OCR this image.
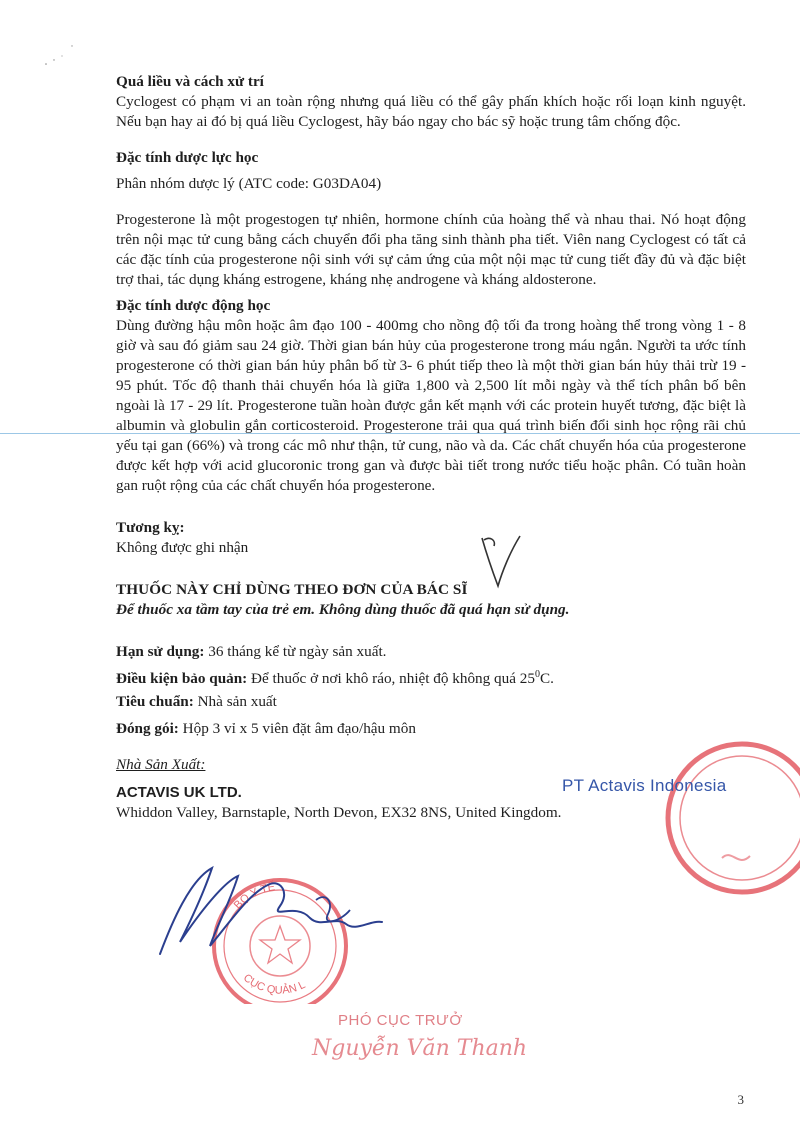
Quá liều và cách xử trí

Cyclogest có phạm vi an toàn rộng nhưng quá liều có thể gây phấn khích hoặc rối loạn kinh nguyệt. Nếu bạn hay ai đó bị quá liều Cyclogest, hãy báo ngay cho bác sỹ hoặc trung tâm chống độc.

Đặc tính dược lực học

Phân nhóm dược lý (ATC code: G03DA04)

Progesterone là một progestogen tự nhiên, hormone chính của hoàng thể và nhau thai. Nó hoạt động trên nội mạc tử cung bằng cách chuyển đổi pha tăng sinh thành pha tiết. Viên nang Cyclogest có tất cả các đặc tính của progesterone nội sinh với sự cảm ứng của một nội mạc tử cung tiết đầy đủ và đặc biệt trợ thai, tác dụng kháng estrogene, kháng nhẹ androgene và kháng aldosterone.

Đặc tính dược động học

Dùng đường hậu môn hoặc âm đạo 100 - 400mg cho nồng độ tối đa trong hoàng thể trong vòng 1 - 8 giờ và sau đó giảm sau 24 giờ. Thời gian bán hủy của progesterone trong máu ngắn. Người ta ước tính progesterone có thời gian bán hủy phân bố từ 3- 6 phút tiếp theo là một thời gian bán hủy thải trừ 19 - 95 phút. Tốc độ thanh thải chuyển hóa là giữa 1,800 và 2,500 lít mỗi ngày và thể tích phân bố bên ngoài là 17 - 29 lít. Progesterone tuần hoàn được gắn kết mạnh với các protein huyết tương, đặc biệt là albumin và globulin gắn corticosteroid. Progesterone trải qua quá trình biến đổi sinh học rộng rãi chủ yếu tại gan (66%) và trong các mô như thận, tử cung, não và da. Các chất chuyển hóa của progesterone được kết hợp với acid glucoronic trong gan và được bài tiết trong nước tiểu hoặc phân. Có tuần hoàn gan ruột rộng của các chất chuyển hóa progesterone.

Tương kỵ:

Không được ghi nhận

THUỐC NÀY CHỈ DÙNG THEO ĐƠN CỦA BÁC SĨ

Để thuốc xa tầm tay của trẻ em. Không dùng thuốc đã quá hạn sử dụng.

Hạn sử dụng: 36 tháng kể từ ngày sản xuất.

Điều kiện bảo quản: Để thuốc ở nơi khô ráo, nhiệt độ không quá $25^0C$.

Tiêu chuẩn: Nhà sản xuất

Đóng gói: Hộp 3 vỉ x 5 viên đặt âm đạo/hậu môn

Nhà Sản Xuất:

ACTAVIS UK LTD.

Whiddon Valley, Barnstaple, North Devon, EX32 8NS, United Kingdom.

PT Actavis Indonesia
BỘ Y TẾ
CỤC QUẢN L
PHÓ CỤC TRƯỞ
Nguyễn Văn Thanh
3
